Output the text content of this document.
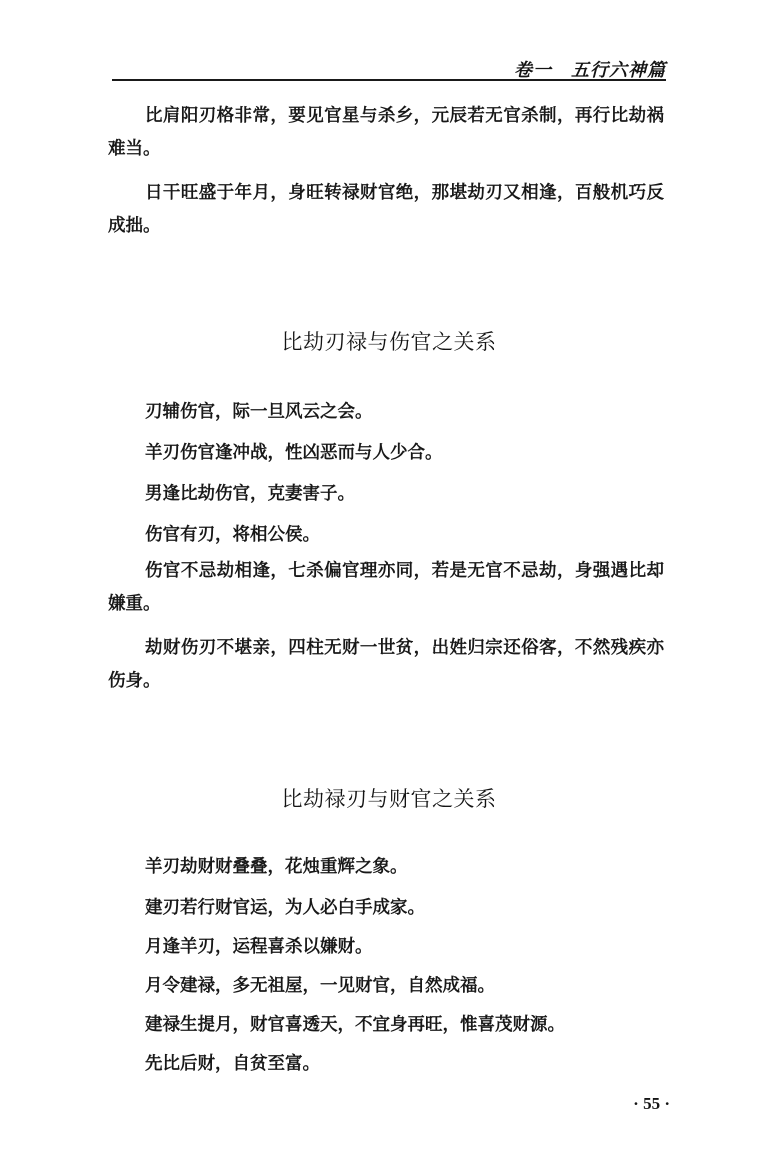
卷一　五行六神篇

比肩阳刃格非常，要见官星与杀乡，元辰若无官杀制，再行比劫祸难当。

日干旺盛于年月，身旺转禄财官绝，那堪劫刃又相逢，百般机巧反成拙。

比劫刃禄与伤官之关系

刃辅伤官，际一旦风云之会。

羊刃伤官逢冲战，性凶恶而与人少合。

男逢比劫伤官，克妻害子。

伤官有刃，将相公侯。

伤官不忌劫相逢，七杀偏官理亦同，若是无官不忌劫，身强遇比却嫌重。

劫财伤刃不堪亲，四柱无财一世贫，出姓归宗还俗客，不然残疾亦伤身。

比劫禄刃与财官之关系

羊刃劫财财叠叠，花烛重辉之象。

建刃若行财官运，为人必白手成家。

月逢羊刃，运程喜杀以嫌财。

月令建禄，多无祖屋，一见财官，自然成福。

建禄生提月，财官喜透天，不宜身再旺，惟喜茂财源。

先比后财，自贫至富。

· 55 ·
